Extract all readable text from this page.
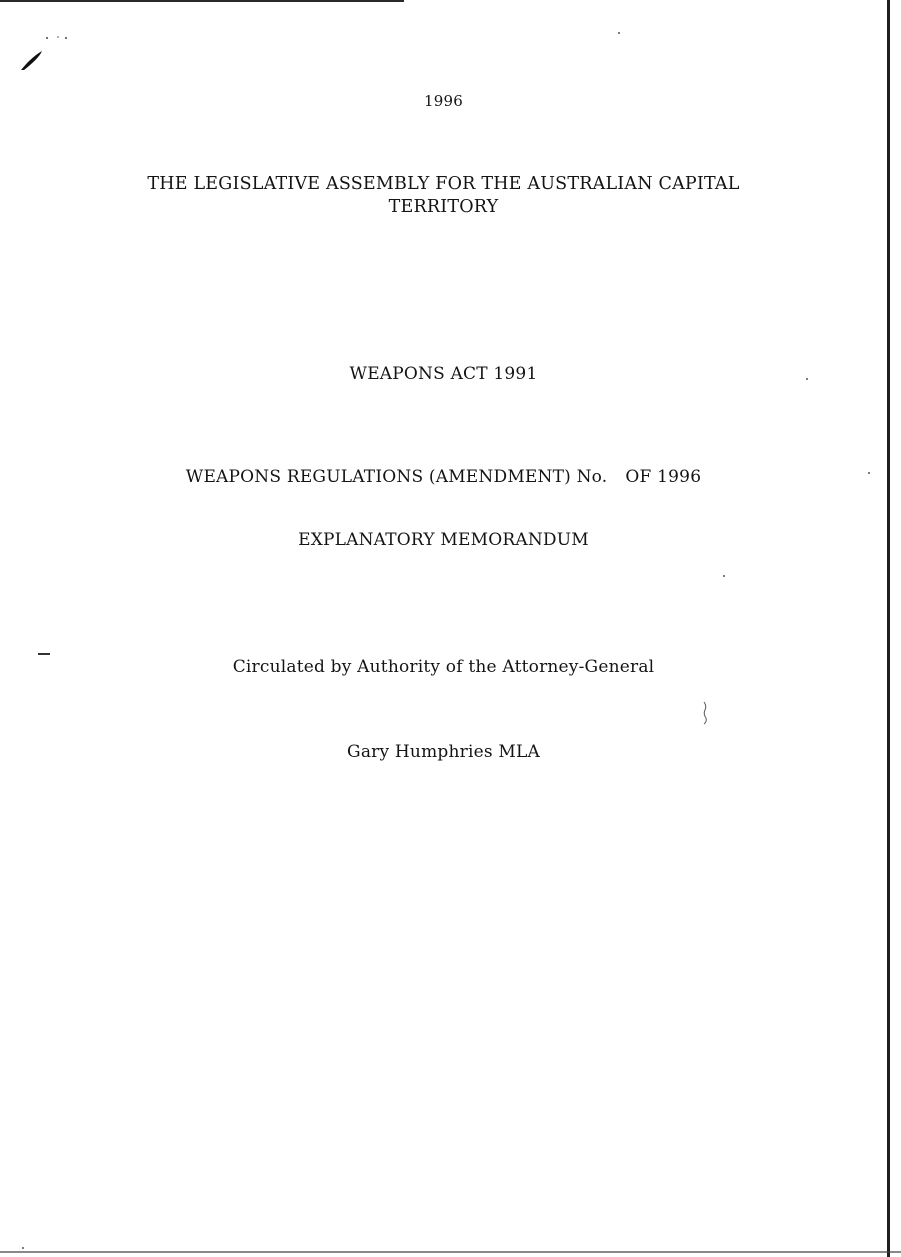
1996
THE LEGISLATIVE ASSEMBLY FOR THE AUSTRALIAN CAPITAL
TERRITORY
WEAPONS ACT 1991
WEAPONS REGULATIONS (AMENDMENT) No. OF 1996
EXPLANATORY MEMORANDUM
Circulated by Authority of the Attorney-General
Gary Humphries MLA
